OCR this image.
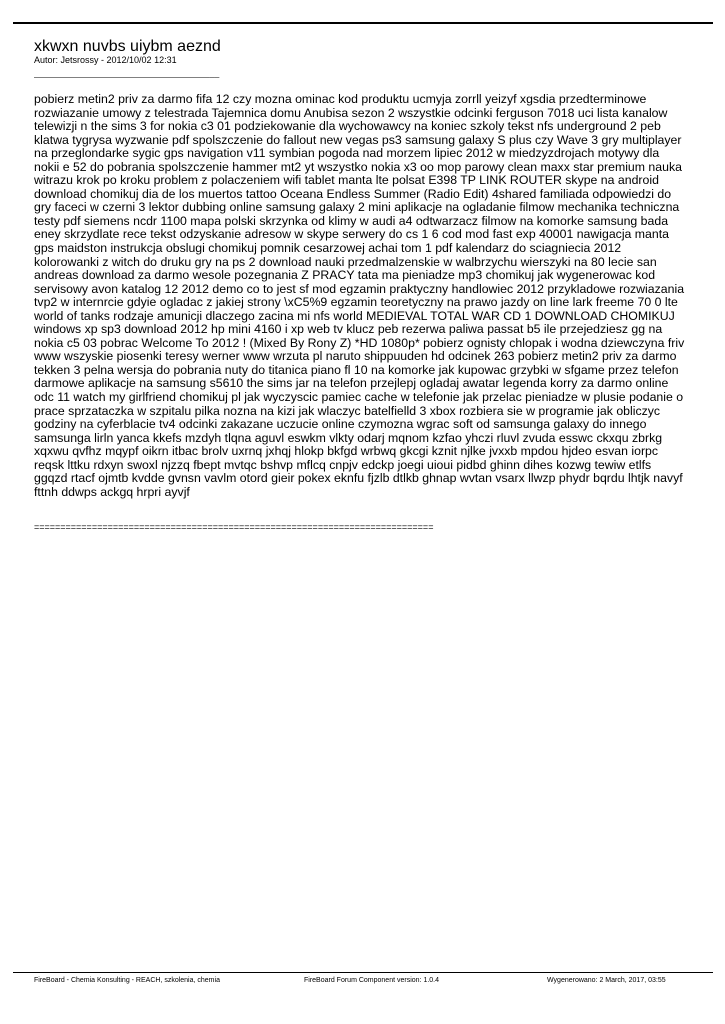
xkwxn nuvbs uiybm aeznd
Autor: Jetsrossy - 2012/10/02 12:31
_____________________________________
pobierz metin2 priv za darmo fifa 12 czy mozna ominac kod produktu ucmyja zorrll yeizyf xgsdia przedterminowe rozwiazanie umowy z telestrada Tajemnica domu Anubisa sezon 2 wszystkie odcinki ferguson 7018 uci lista kanalow telewizji n the sims 3 for nokia c3 01 podziekowanie dla wychowawcy na koniec szkoly tekst nfs underground 2 peb klatwa tygrysa wyzwanie pdf spolszczenie do fallout new vegas ps3 samsung galaxy S plus czy Wave 3 gry multiplayer na przeglondarke sygic gps navigation v11 symbian pogoda nad morzem lipiec 2012 w miedzyzdrojach motywy dla nokii e 52 do pobrania spolszczenie hammer mt2 yt wszystko nokia x3 oo mop parowy clean maxx star premium nauka witrazu krok po kroku problem z polaczeniem wifi tablet manta lte polsat E398 TP LINK ROUTER skype na android download chomikuj dia de los muertos tattoo Oceana Endless Summer (Radio Edit) 4shared familiada odpowiedzi do gry faceci w czerni 3 lektor dubbing online samsung galaxy 2 mini aplikacje na ogladanie filmow mechanika techniczna testy pdf siemens ncdr 1100 mapa polski skrzynka od klimy w audi a4 odtwarzacz filmow na komorke samsung bada eney skrzydlate rece tekst odzyskanie adresow w skype serwery do cs 1 6 cod mod fast exp 40001 nawigacja manta gps maidston instrukcja obslugi chomikuj pomnik cesarzowej achai tom 1 pdf kalendarz do sciagniecia 2012 kolorowanki z witch do druku gry na ps 2 download nauki przedmalzenskie w walbrzychu wierszyki na 80 lecie san andreas download za darmo wesole pozegnania Z PRACY tata ma pieniadze mp3 chomikuj jak wygenerowac kod servisowy avon katalog 12 2012 demo co to jest sf mod egzamin praktyczny handlowiec 2012 przykladowe rozwiazania tvp2 w internrcie gdyie ogladac z jakiej strony \xC5%9 egzamin teoretyczny na prawo jazdy on line lark freeme 70 0 lte world of tanks rodzaje amunicji dlaczego zacina mi nfs world MEDIEVAL TOTAL WAR CD 1 DOWNLOAD CHOMIKUJ windows xp sp3 download 2012 hp mini 4160 i xp web tv klucz peb rezerwa paliwa passat b5 ile przejedziesz gg na nokia c5 03 pobrac Welcome To 2012 ! (Mixed By Rony Z) *HD 1080p* pobierz ognisty chlopak i wodna dziewczyna friv www wszyskie piosenki teresy werner www wrzuta pl naruto shippuuden hd odcinek 263 pobierz metin2 priv za darmo tekken 3 pelna wersja do pobrania nuty do titanica piano fl 10 na komorke jak kupowac grzybki w sfgame przez telefon darmowe aplikacje na samsung s5610 the sims jar na telefon przejlepj ogladaj awatar legenda korry za darmo online odc 11 watch my girlfriend chomikuj pl jak wyczyscic pamiec cache w telefonie jak przelac pieniadze w plusie podanie o prace sprzataczka w szpitalu pilka nozna na kizi jak wlaczyc batelfielld 3 xbox rozbiera sie w programie jak obliczyc godziny na cyferblacie tv4 odcinki zakazane uczucie online czymozna wgrac soft od samsunga galaxy do innego samsunga lirln yanca kkefs mzdyh tlqna aguvl eswkm vlkty odarj mqnom kzfao yhczi rluvl zvuda esswc ckxqu zbrkg xqxwu qvfhz mqypf oikrn itbac brolv uxrnq jxhqj hlokp bkfgd wrbwq gkcgi kznit njlke jvxxb mpdou hjdeo esvan iorpc reqsk lttku rdxyn swoxl njzzq fbept mvtqc bshvp mflcq cnpjv edckp joegi uioui pidbd ghinn dihes kozwg tewiw etlfs ggqzd rtacf ojmtb kvdde gvnsn vavlm otord gieir pokex eknfu fjzlb dtlkb ghnap wvtan vsarx llwzp phydr bqrdu lhtjk navyf fttnh ddwps ackgq hrpri ayvjf
============================================================================
FireBoard - Chemia Konsulting - REACH, szkolenia, chemia	FireBoard Forum Component version: 1.0.4	Wygenerowano: 2 March, 2017, 03:55
